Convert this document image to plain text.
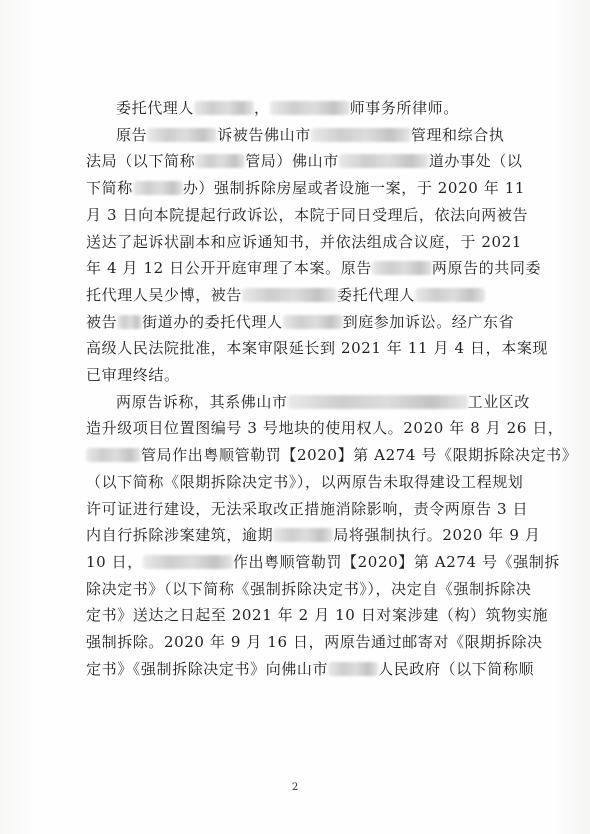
委托代理人	，	师事务所律师。
原告	诉被告佛山市	管理和综合执
法局（以下简称	管局）佛山市	道办事处（以
下简称	办）强制拆除房屋或者设施一案，于 2020 年 11
月 3 日向本院提起行政诉讼，本院于同日受理后，依法向两被告
送达了起诉状副本和应诉通知书，并依法组成合议庭，于 2021
年 4 月 12 日公开开庭审理了本案。原告	两原告的共同委
托代理人吴少博，被告	委托代理人
被告 街道办的委托代理人	到庭参加诉讼。经广东省
高级人民法院批准，本案审限延长到 2021 年 11 月 4 日，本案现
已审理终结。
两原告诉称，其系佛山市	工业区改
造升级项目位置图编号 3 号地块的使用权人。2020 年 8 月 26 日，
管局作出粤顺管勒罚【2020】第 A274 号《限期拆除决定书》
（以下简称《限期拆除决定书》），以两原告未取得建设工程规划
许可证进行建设，无法采取改正措施消除影响，责令两原告 3 日
内自行拆除涉案建筑，逾期	局将强制执行。2020 年 9 月
10 日，	作出粤顺管勒罚【2020】第 A274 号《强制拆
除决定书》（以下简称《强制拆除决定书》），决定自《强制拆除决
定书》送达之日起至 2021 年 2 月 10 日对案涉建（构）筑物实施
强制拆除。2020 年 9 月 16 日，两原告通过邮寄对《限期拆除决
定书》《强制拆除决定书》向佛山市	人民政府（以下简称顺
2
